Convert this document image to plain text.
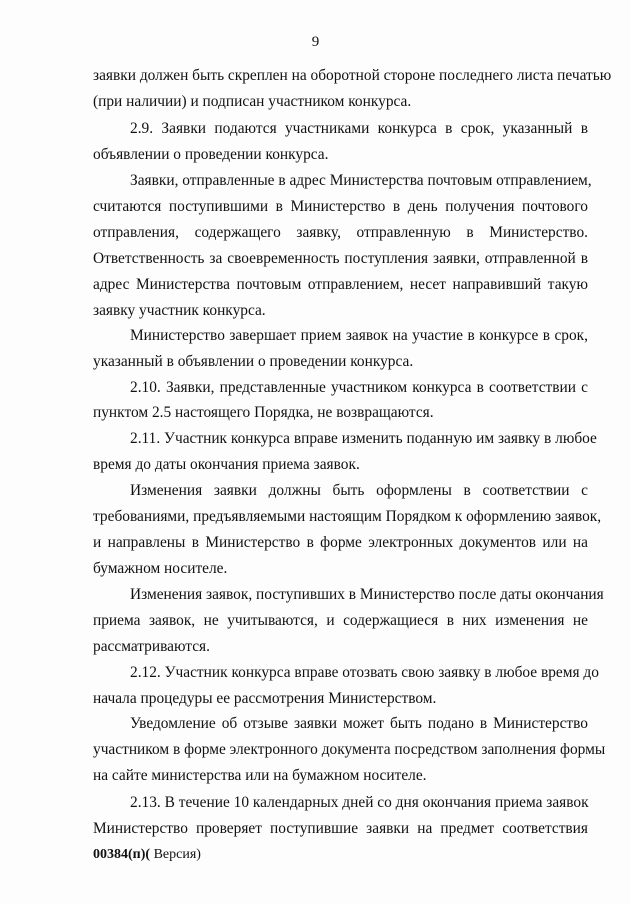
9
заявки должен быть скреплен на оборотной стороне последнего листа печатью
(при наличии) и подписан участником конкурса.
2.9. Заявки подаются участниками конкурса в срок, указанный в
объявлении о проведении конкурса.
Заявки, отправленные в адрес Министерства почтовым отправлением,
считаются поступившими в Министерство в день получения почтового
отправления, содержащего заявку, отправленную в Министерство.
Ответственность за своевременность поступления заявки, отправленной в
адрес Министерства почтовым отправлением, несет направивший такую
заявку участник конкурса.
Министерство завершает прием заявок на участие в конкурсе в срок,
указанный в объявлении о проведении конкурса.
2.10. Заявки, представленные участником конкурса в соответствии с
пунктом 2.5 настоящего Порядка, не возвращаются.
2.11. Участник конкурса вправе изменить поданную им заявку в любое
время до даты окончания приема заявок.
Изменения заявки должны быть оформлены в соответствии с
требованиями, предъявляемыми настоящим Порядком к оформлению заявок,
и направлены в Министерство в форме электронных документов или на
бумажном носителе.
Изменения заявок, поступивших в Министерство после даты окончания
приема заявок, не учитываются, и содержащиеся в них изменения не
рассматриваются.
2.12. Участник конкурса вправе отозвать свою заявку в любое время до
начала процедуры ее рассмотрения Министерством.
Уведомление об отзыве заявки может быть подано в Министерство
участником в форме электронного документа посредством заполнения формы
на сайте министерства или на бумажном носителе.
2.13. В течение 10 календарных дней со дня окончания приема заявок
Министерство проверяет поступившие заявки на предмет соответствия
00384(п)( Версия)
